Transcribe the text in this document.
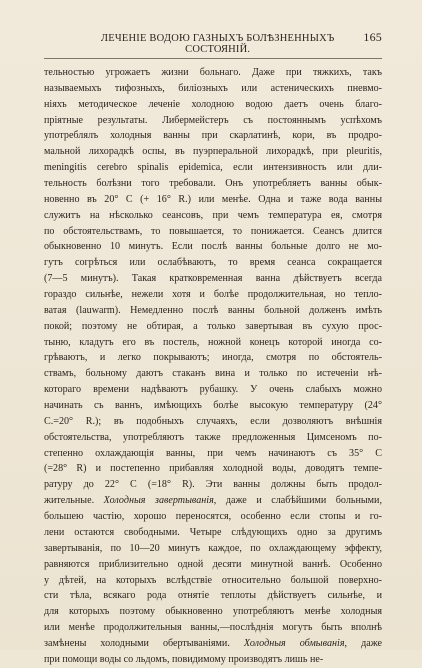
ЛЕЧЕНІЕ ВОДОЮ ГАЗНЫХЪ БОЛѢЗНЕННЫХЪ СОСТОЯНІЙ.
165

тельностью угрожаетъ жизни больнаго. Даже при тяжкихъ, такъ

называемыхъ тифозныхъ, биліозныхъ или астеническихъ пневмо-

ніяхъ методическое леченіе холодною водою даетъ очень благо-

пріятные результаты. Либермейстеръ съ постояннымъ успѣхомъ

употреблялъ холодныя ванны при скарлатинѣ, кори, въ продро-

мальной лихорадкѣ оспы, въ пуэрперальной лихорадкѣ, при pleuritis,

meningitis cerebro spinalis epidemica, если интензивность или дли-

тельность болѣзни того требовали. Онъ употребляетъ ванны обык-

новенно въ 20° C (+ 16° R.) или менѣе. Одна и таже вода ванны

служитъ на нѣсколько сеансовъ, при чемъ температура ея, смотря

по обстоятельствамъ, то повышается, то понижается. Сеансъ длится

обыкновенно 10 минутъ. Если послѣ ванны больные долго не мо-

гутъ согрѣться или ослабѣваютъ, то время сеанса сокращается

(7—5 минутъ). Такая кратковременная ванна дѣйствуетъ всегда

гораздо сильнѣе, нежели хотя и болѣе продолжительная, но тепло-

ватая (lauwarm). Немедленно послѣ ванны больной долженъ имѣть

покой; поэтому не обтирая, а только завертывая въ сухую прос-

тыню, кладутъ его въ постель, ножной конецъ которой иногда со-

грѣваютъ, и легко покрываютъ; иногда, смотря по обстоятель-

ствамъ, больному даютъ стаканъ вина и только по истеченіи нѣ-

котораго времени надѣваютъ рубашку. У очень слабыхъ можно

начинать съ ваннъ, имѣющихъ болѣе высокую температуру (24°

C.=20° R.); въ подобныхъ случаяхъ, если дозволяютъ внѣшнія

обстоятельства, употребляютъ также предложенныя Цимсеномъ по-

степенно охлаждающія ванны, при чемъ начинаютъ съ 35° C

(=28° R) и постепенно прибавляя холодной воды, доводятъ темпе-

ратуру до 22° C (=18° R). Эти ванны должны быть продол-

жительные. Холодныя завертыванія, даже и слабѣйшими больными,

большею частію, хорошо переносятся, особенно если стопы и го-

лени остаются свободными. Четыре слѣдующихъ одно за другимъ

завертыванія, по 10—20 минутъ каждое, по охлаждающему эффекту,

равняются приблизительно одной десяти минутной ваннѣ. Особенно

у дѣтей, на которыхъ вслѣдствіе относительно большой поверхно-

сти тѣла, всякаго рода отнятіе теплоты дѣйствуетъ сильнѣе, и

для которыхъ поэтому обыкновенно употребляютъ менѣе холодныя

или менѣе продолжительныя ванны,—послѣднія могутъ быть вполнѣ

замѣнены холодными обертываніями. Холодныя обмыванія, даже

при помощи воды со льдомъ, повидимому производятъ лишь не-
